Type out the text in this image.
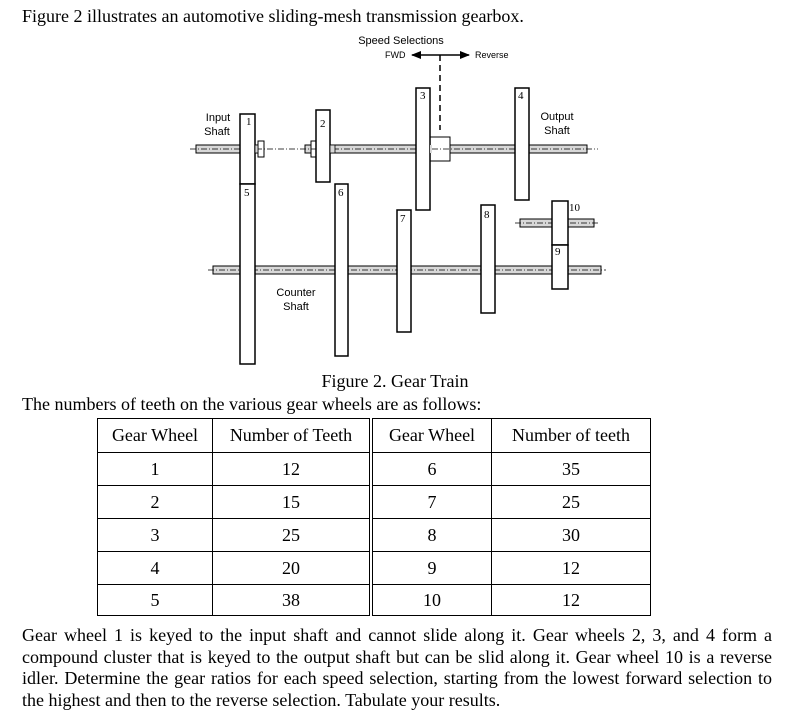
Figure 2 illustrates an automotive sliding-mesh transmission gearbox.
Speed Selections
FWD	Reverse
Input
Shaft
Output
Shaft
Counter
Shaft
1	2
3	4
5	6
7	8
9
10
Figure 2. Gear Train
The numbers of teeth on the various gear wheels are as follows:
Gear Wheel	Number of Teeth	Gear Wheel	Number of teeth
1	12	6	35
2	15	7	25
3	25	8	30
4	20	9	12
5	38	10	12
Gear wheel 1 is keyed to the input shaft and cannot slide along it. Gear wheels 2, 3, and 4 form a compound cluster that is keyed to the output shaft but can be slid along it. Gear wheel 10 is a reverse idler. Determine the gear ratios for each speed selection, starting from the lowest forward selection to the highest and then to the reverse selection. Tabulate your results.
